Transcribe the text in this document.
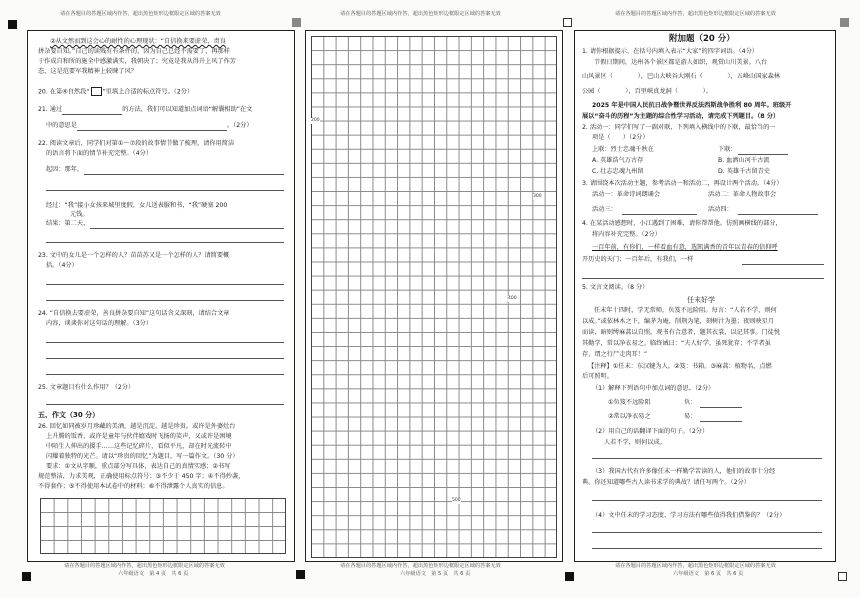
请在各题目的答题区域内作答，超出黑色矩形边框限定区域的答案无效	请在各题目的答题区域内作答，超出黑色矩形边框限定区域的答案无效	请在各题目的答题区域内作答，超出黑色矩形边框限定区域的答案无效
②从文然而到这会心的耐性的心理现状：“自信换来要虚荣、责良
拼杂要自知。”自己的读贱有有条件的，因为自己已经不需要了，再那样
于作成自和所的施全中感激满实，我朝决了；究竟是我从得升上风了作芳
态，这是范要军我精神上较睐了风？
20. 在第④自然段“ ”里填上合适的标点符号。（2分）
21. 通过	的方法，我们可以知道加点词语“解囊相助”在文
中的意思是	。（2分）
22. 阅读文章后，同学们对第①～⑦段的故事情节做了梳理，请你用简洁
的语言将下面的情节补充完整。（4分）
起因：那年，
经过：“我”接小女孩来城里度假，女儿送表服和书，“我”硬塞 200
元钱。
结果：第二天，
23. 文中的女儿是一个怎样的人？苗苗苏又是一个怎样的人？请简要概
括。（4分）
24. “自信换去要虚荣，善良拼杂要自知”这句话含义深刻，请结合文章
内容，谈谈你对这句话的理解。（3分）
25. 文章题目有什么作用？（2分）
五、作文（30 分）
26. 回忆如同被岁月珍藏的美酒，越是沉淀，越是珍贵。或许是外婆灶台
上升腾的饭香，或许是童年与伙伴嬉戏时飞扬的笑声，又或许是困境
中陌生人伸出的援手……这些记忆碎片，看似平凡，却在时光流转中
闪耀着独特的光芒。请以“珍贵的回忆”为题目，写一篇作文。（30 分）
要求：①文从字顺，重点部分写具体，表达自己的真情实感；②书写
规范整洁，力求美观，正确使用标点符号；③不少于 450 字；④不得抄袭，
不得套作；⑤不得使用本试卷中的材料；⑥不得泄露个人真实的信息。
请在各题目的答题区域内作答，超出黑色矩形边框限定区域的答案无效
六年级语文　第 4 页　共 6 页
200
300
400
500
请在各题目的答题区域内作答，超出黑色矩形边框限定区域的答案无效
六年级语文　第 5 页　共 6 页
附加题（20 分）
1. 请你根据提示，在括号内填入表示“大家”的四字词语。（4分）
节假日期间，达州各个景区都是游人如织，观赏山川美景。八台
山风景区（　　　　），巴山大峡谷大刚石（　　　　），五峰山国家森林
公园（　　　　），百里峡真龙洞（　　　　）。
2025 年是中国人民抗日战争暨世界反法西斯战争胜利 80 周年。班级开
展以“奋斗的历程”为主题的综合性学习活动，请完成下列题目。（8 分）
2. 活动一：同学们写了一副对联，下列填入横线中的下联，最恰当的一
项是（　　）（2分）
上联：烈士忠魂千秋在	下联：
A. 英雄浩气万古存	B. 血洒山河千古流
C. 壮志忠魂九州留	D. 英雄千古留青史
3. 请围绕本次活动主题，参考活动一和活动二，再设计两个活动。（4分）
活动一：革命诗词朗诵会	活动二：革命人物故事会
活动三：	活动四：
4. 在某活动感想时，小江遇到了困难，请你帮帮他。仿照画横线的部分，
将内容补充完整。（2分）
一百年前，有你们，一样看血有意，选凯满香的青年以青春的信仰呼
开历史的天门；一百年后，有我们，一样
5. 文言文阅读。（8 分）
任末好学
任末年十四时，学无常师，负笈不远险阻。每言：“人若不学，则何
以成。”或依林木之下，编茅为庵，削荆为笔，刻树汁为墨；夜则映星月
而读，暗则缚麻蒿以自照。观书有合意者，题其衣裳，以记其事。门徒悦
其勤学，常以净衣易之。临终诫曰：“夫人好学，虽死犹存；不学者虽
存，谓之行尸走肉耳！”
【注释】①任末：东汉犍为人。②笈：书箱。③麻蒿：植物名，点燃
后可照明。
（1）解释下列语句中加点词的意思。（2分）
①负笈不远险阻	负：
②常以净衣易之	易：
（2）用自己的话翻译下面的句子。（2分）
人若不学，则何以成。
（3）我国古代有许多像任末一样勤学苦读的人，他们的故事十分经
典。你还知道哪些古人读书求学的典故？请任写两个。（2分）
（4）文中任末的学习态度、学习方法有哪些值得我们借鉴的？（2分）
请在各题目的答题区域内作答，超出黑色矩形边框限定区域的答案无效
六年级语文　第 6 页　共 6 页
